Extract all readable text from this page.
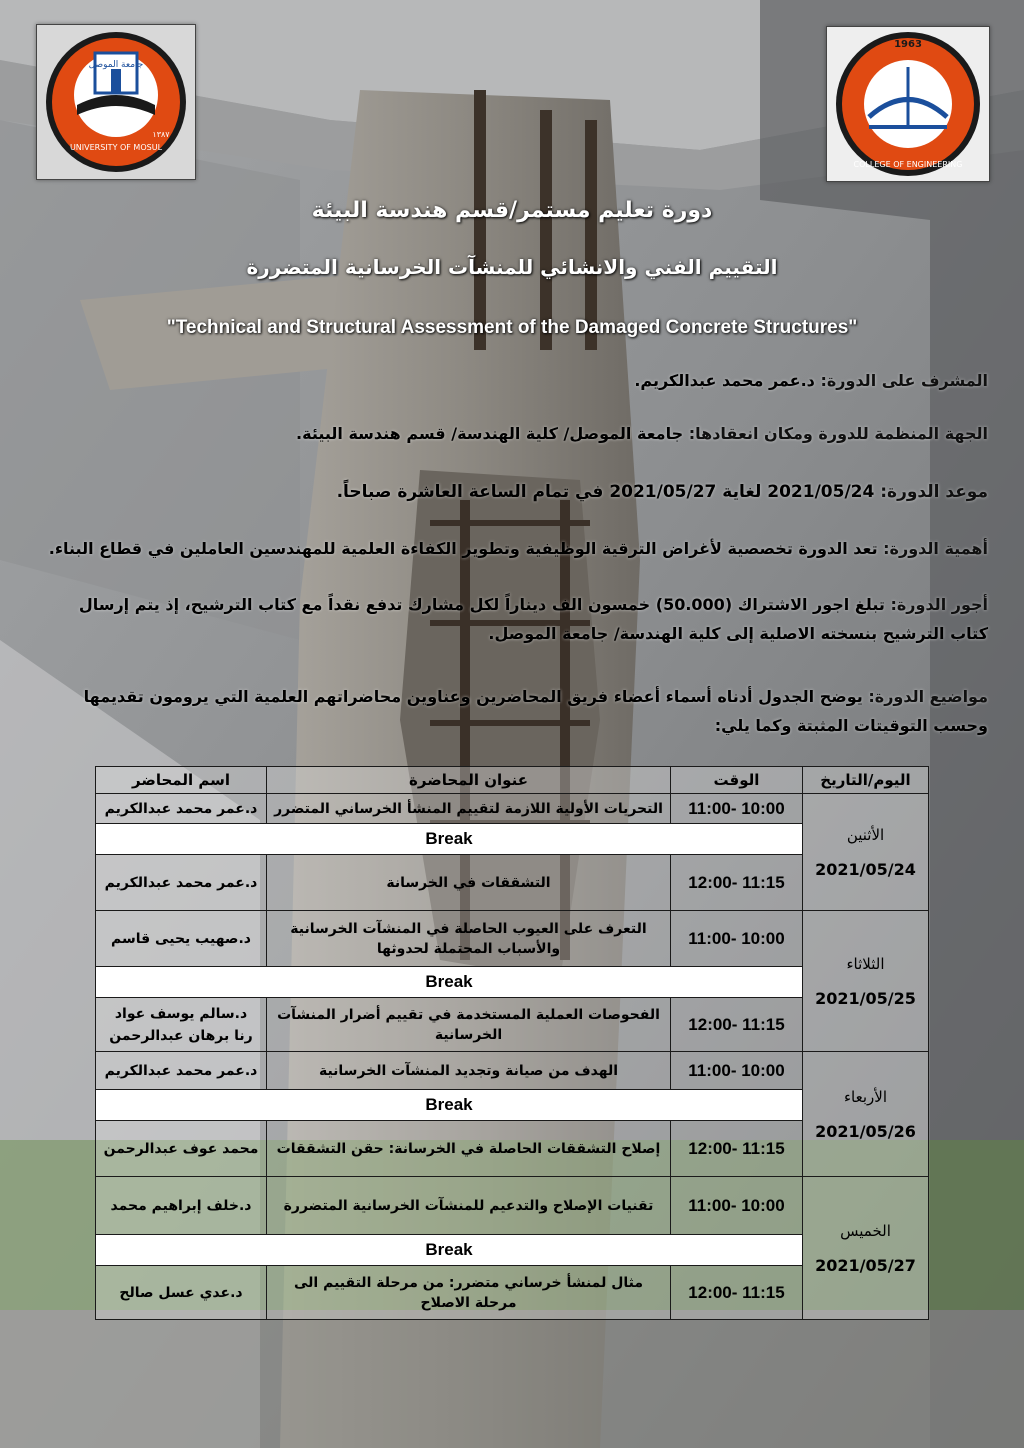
UNIVERSITY OF MOSUL
جامعة الموصل
١٣٨٧
1963
COLLEGE OF ENGINEERING
دورة تعليم مستمر/قسم هندسة البيئة
التقييم الفني والانشائي للمنشآت الخرسانية المتضررة
"Technical and Structural Assessment of the Damaged Concrete Structures"
المشرف على الدورة: د.عمر محمد عبدالكريم.
الجهة المنظمة للدورة ومكان انعقادها: جامعة الموصل/ كلية الهندسة/ قسم هندسة البيئة.
موعد الدورة: 2021/05/24 لغاية 2021/05/27 في تمام الساعة العاشرة صباحاً.
أهمية الدورة: تعد الدورة تخصصية لأغراض الترقية الوظيفية وتطوير الكفاءة العلمية للمهندسين العاملين في قطاع البناء.
أجور الدورة: تبلغ اجور الاشتراك (50.000) خمسون الف ديناراً لكل مشارك تدفع نقداً مع كتاب الترشيح، إذ يتم إرسال كتاب الترشيح بنسخته الاصلية إلى كلية الهندسة/ جامعة الموصل.
مواضيع الدورة: يوضح الجدول أدناه أسماء أعضاء فريق المحاضرين وعناوين محاضراتهم العلمية التي يرومون تقديمها وحسب التوقيتات المثبتة وكما يلي:
اليوم/التاريخ	الوقت	عنوان المحاضرة	اسم المحاضر

الأثنين
2021/05/24	10:00 -11:00	التحريات الأولية اللازمة لتقييم المنشأ الخرساني المتضرر	د.عمر محمد عبدالكريم
	Break		
	11:15 -12:00	التشققات في الخرسانة	د.عمر محمد عبدالكريم

الثلاثاء
2021/05/25	10:00 -11:00	التعرف على العيوب الحاصلة في المنشآت الخرسانية والأسباب المحتملة لحدوثها	د.صهيب يحيى قاسم
	Break		
	11:15 -12:00	الفحوصات العملية المستخدمة في تقييم أضرار المنشآت الخرسانية	د.سالم يوسف عواد
رنا برهان عبدالرحمن

الأربعاء
2021/05/26	10:00 -11:00	الهدف من صيانة وتجديد المنشآت الخرسانية	د.عمر محمد عبدالكريم
	Break		
	11:15 -12:00	إصلاح التشققات الحاصلة في الخرسانة: حقن التشققات	محمد عوف عبدالرحمن

الخميس
2021/05/27	10:00 -11:00	تقنيات الإصلاح والتدعيم للمنشآت الخرسانية المتضررة	د.خلف إبراهيم محمد
	Break		
	11:15 -12:00	مثال لمنشأ خرساني متضرر: من مرحلة التقييم الى مرحلة الاصلاح	د.عدي عسل صالح
